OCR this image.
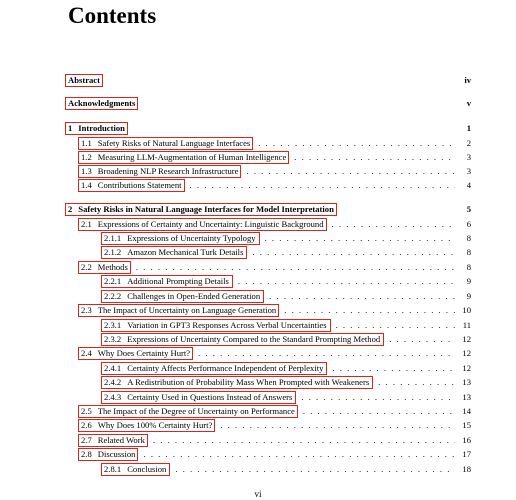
Contents
Abstract	iv
Acknowledgments	v
1 Introduction	1
1.1 Safety Risks of Natural Language Interfaces .....	2
1.2 Measuring LLM-Augmentation of Human Intelligence .....	3
1.3 Broadening NLP Research Infrastructure .....	3
1.4 Contributions Statement .....	4
2 Safety Risks in Natural Language Interfaces for Model Interpretation	5
2.1 Expressions of Certainty and Uncertainty: Linguistic Background .....	6
2.1.1 Expressions of Uncertainty Typology .....	8
2.1.2 Amazon Mechanical Turk Details .....	8
2.2 Methods .....	8
2.2.1 Additional Prompting Details .....	9
2.2.2 Challenges in Open-Ended Generation .....	9
2.3 The Impact of Uncertainty on Language Generation .....	10
2.3.1 Variation in GPT3 Responses Across Verbal Uncertainties .....	11
2.3.2 Expressions of Uncertainty Compared to the Standard Prompting Method .....	12
2.4 Why Does Certainty Hurt? .....	12
2.4.1 Certainty Affects Performance Independent of Perplexity .....	12
2.4.2 A Redistribution of Probability Mass When Prompted with Weakeners .....	13
2.4.3 Certainty Used in Questions Instead of Answers .....	13
2.5 The Impact of the Degree of Uncertainty on Performance .....	14
2.6 Why Does 100% Certainty Hurt? .....	15
2.7 Related Work .....	16
2.8 Discussion .....	17
2.8.1 Conclusion .....	18
vi
